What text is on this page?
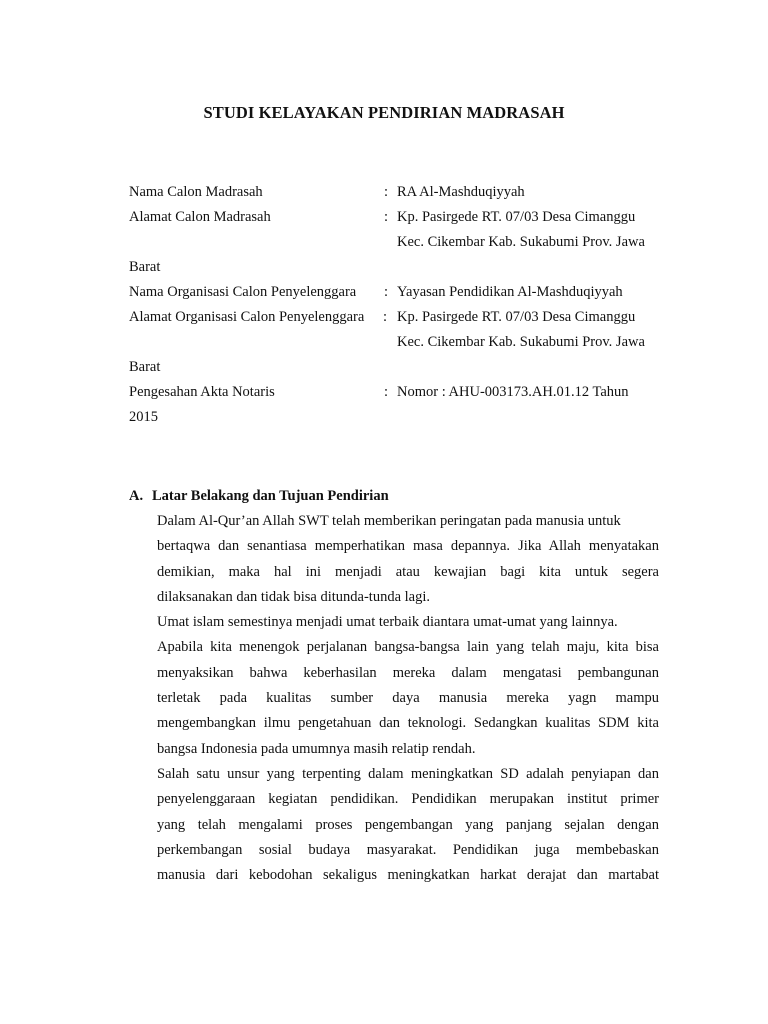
STUDI KELAYAKAN PENDIRIAN MADRASAH
Nama Calon Madrasah	: RA Al-Mashduqiyyah
Alamat Calon Madrasah	: Kp. Pasirgede RT. 07/03 Desa Cimanggu
Kec. Cikembar Kab. Sukabumi Prov. Jawa
Barat
Nama Organisasi Calon Penyelenggara : Yayasan Pendidikan Al-Mashduqiyyah
Alamat Organisasi Calon Penyelenggara : Kp. Pasirgede RT. 07/03 Desa Cimanggu
Kec. Cikembar Kab. Sukabumi Prov. Jawa
Barat
Pengesahan Akta Notaris	: Nomor : AHU-003173.AH.01.12 Tahun
2015
A. Latar Belakang dan Tujuan Pendirian
Dalam Al-Qur’an Allah SWT telah memberikan peringatan pada manusia untuk
bertaqwa dan senantiasa memperhatikan masa depannya. Jika Allah menyatakan
demikian, maka hal ini menjadi atau kewajian bagi kita untuk segera
dilaksanakan dan tidak bisa ditunda-tunda lagi.
Umat islam semestinya menjadi umat terbaik diantara umat-umat yang lainnya.
Apabila kita menengok perjalanan bangsa-bangsa lain yang telah maju, kita bisa
menyaksikan bahwa keberhasilan mereka dalam mengatasi pembangunan
terletak pada kualitas sumber daya manusia mereka yagn mampu
mengembangkan ilmu pengetahuan dan teknologi. Sedangkan kualitas SDM kita
bangsa Indonesia pada umumnya masih relatip rendah.
Salah satu unsur yang terpenting dalam meningkatkan SD adalah penyiapan dan
penyelenggaraan kegiatan pendidikan. Pendidikan merupakan institut primer
yang telah mengalami proses pengembangan yang panjang sejalan dengan
perkembangan sosial budaya masyarakat. Pendidikan juga membebaskan
manusia dari kebodohan sekaligus meningkatkan harkat derajat dan martabat
